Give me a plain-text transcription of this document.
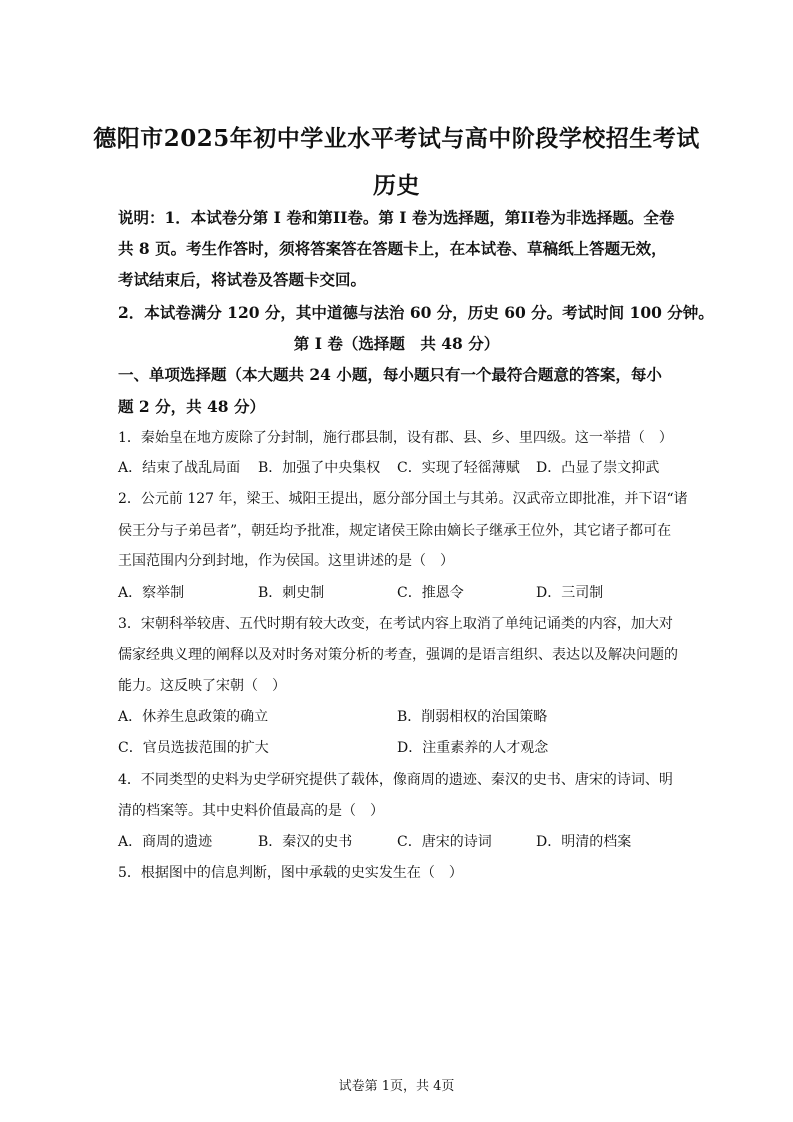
德阳市2025年初中学业水平考试与高中阶段学校招生考试
历史
说明：1．本试卷分第 I 卷和第II卷。第 I 卷为选择题，第II卷为非选择题。全卷
共 8 页。考生作答时，须将答案答在答题卡上，在本试卷、草稿纸上答题无效，
考试结束后，将试卷及答题卡交回。
2．本试卷满分 120 分，其中道德与法治 60 分，历史 60 分。考试时间 100 分钟。
第 I 卷（选择题　共 48 分）
一、单项选择题（本大题共 24 小题，每小题只有一个最符合题意的答案，每小
题 2 分，共 48 分）
1．秦始皇在地方废除了分封制，施行郡县制，设有郡、县、乡、里四级。这一举措（　）
A．结束了战乱局面 B．加强了中央集权 C．实现了轻徭薄赋 D．凸显了崇文抑武
2．公元前 127 年，梁王、城阳王提出，愿分部分国土与其弟。汉武帝立即批准，并下诏“诸
侯王分与子弟邑者”，朝廷均予批准，规定诸侯王除由嫡长子继承王位外，其它诸子都可在
王国范围内分到封地，作为侯国。这里讲述的是（　）
A．察举制	B．刺史制	C．推恩令	D．三司制
3．宋朝科举较唐、五代时期有较大改变，在考试内容上取消了单纯记诵类的内容，加大对
儒家经典义理的阐释以及对时务对策分析的考查，强调的是语言组织、表达以及解决问题的
能力。这反映了宋朝（　）
A．休养生息政策的确立	B．削弱相权的治国策略
C．官员选拔范围的扩大	D．注重素养的人才观念
4．不同类型的史料为史学研究提供了载体，像商周的遗迹、秦汉的史书、唐宋的诗词、明
清的档案等。其中史料价值最高的是（　）
A．商周的遗迹	B．秦汉的史书	C．唐宋的诗词	D．明清的档案
5．根据图中的信息判断，图中承载的史实发生在（　）
试卷第 1页，共 4页
